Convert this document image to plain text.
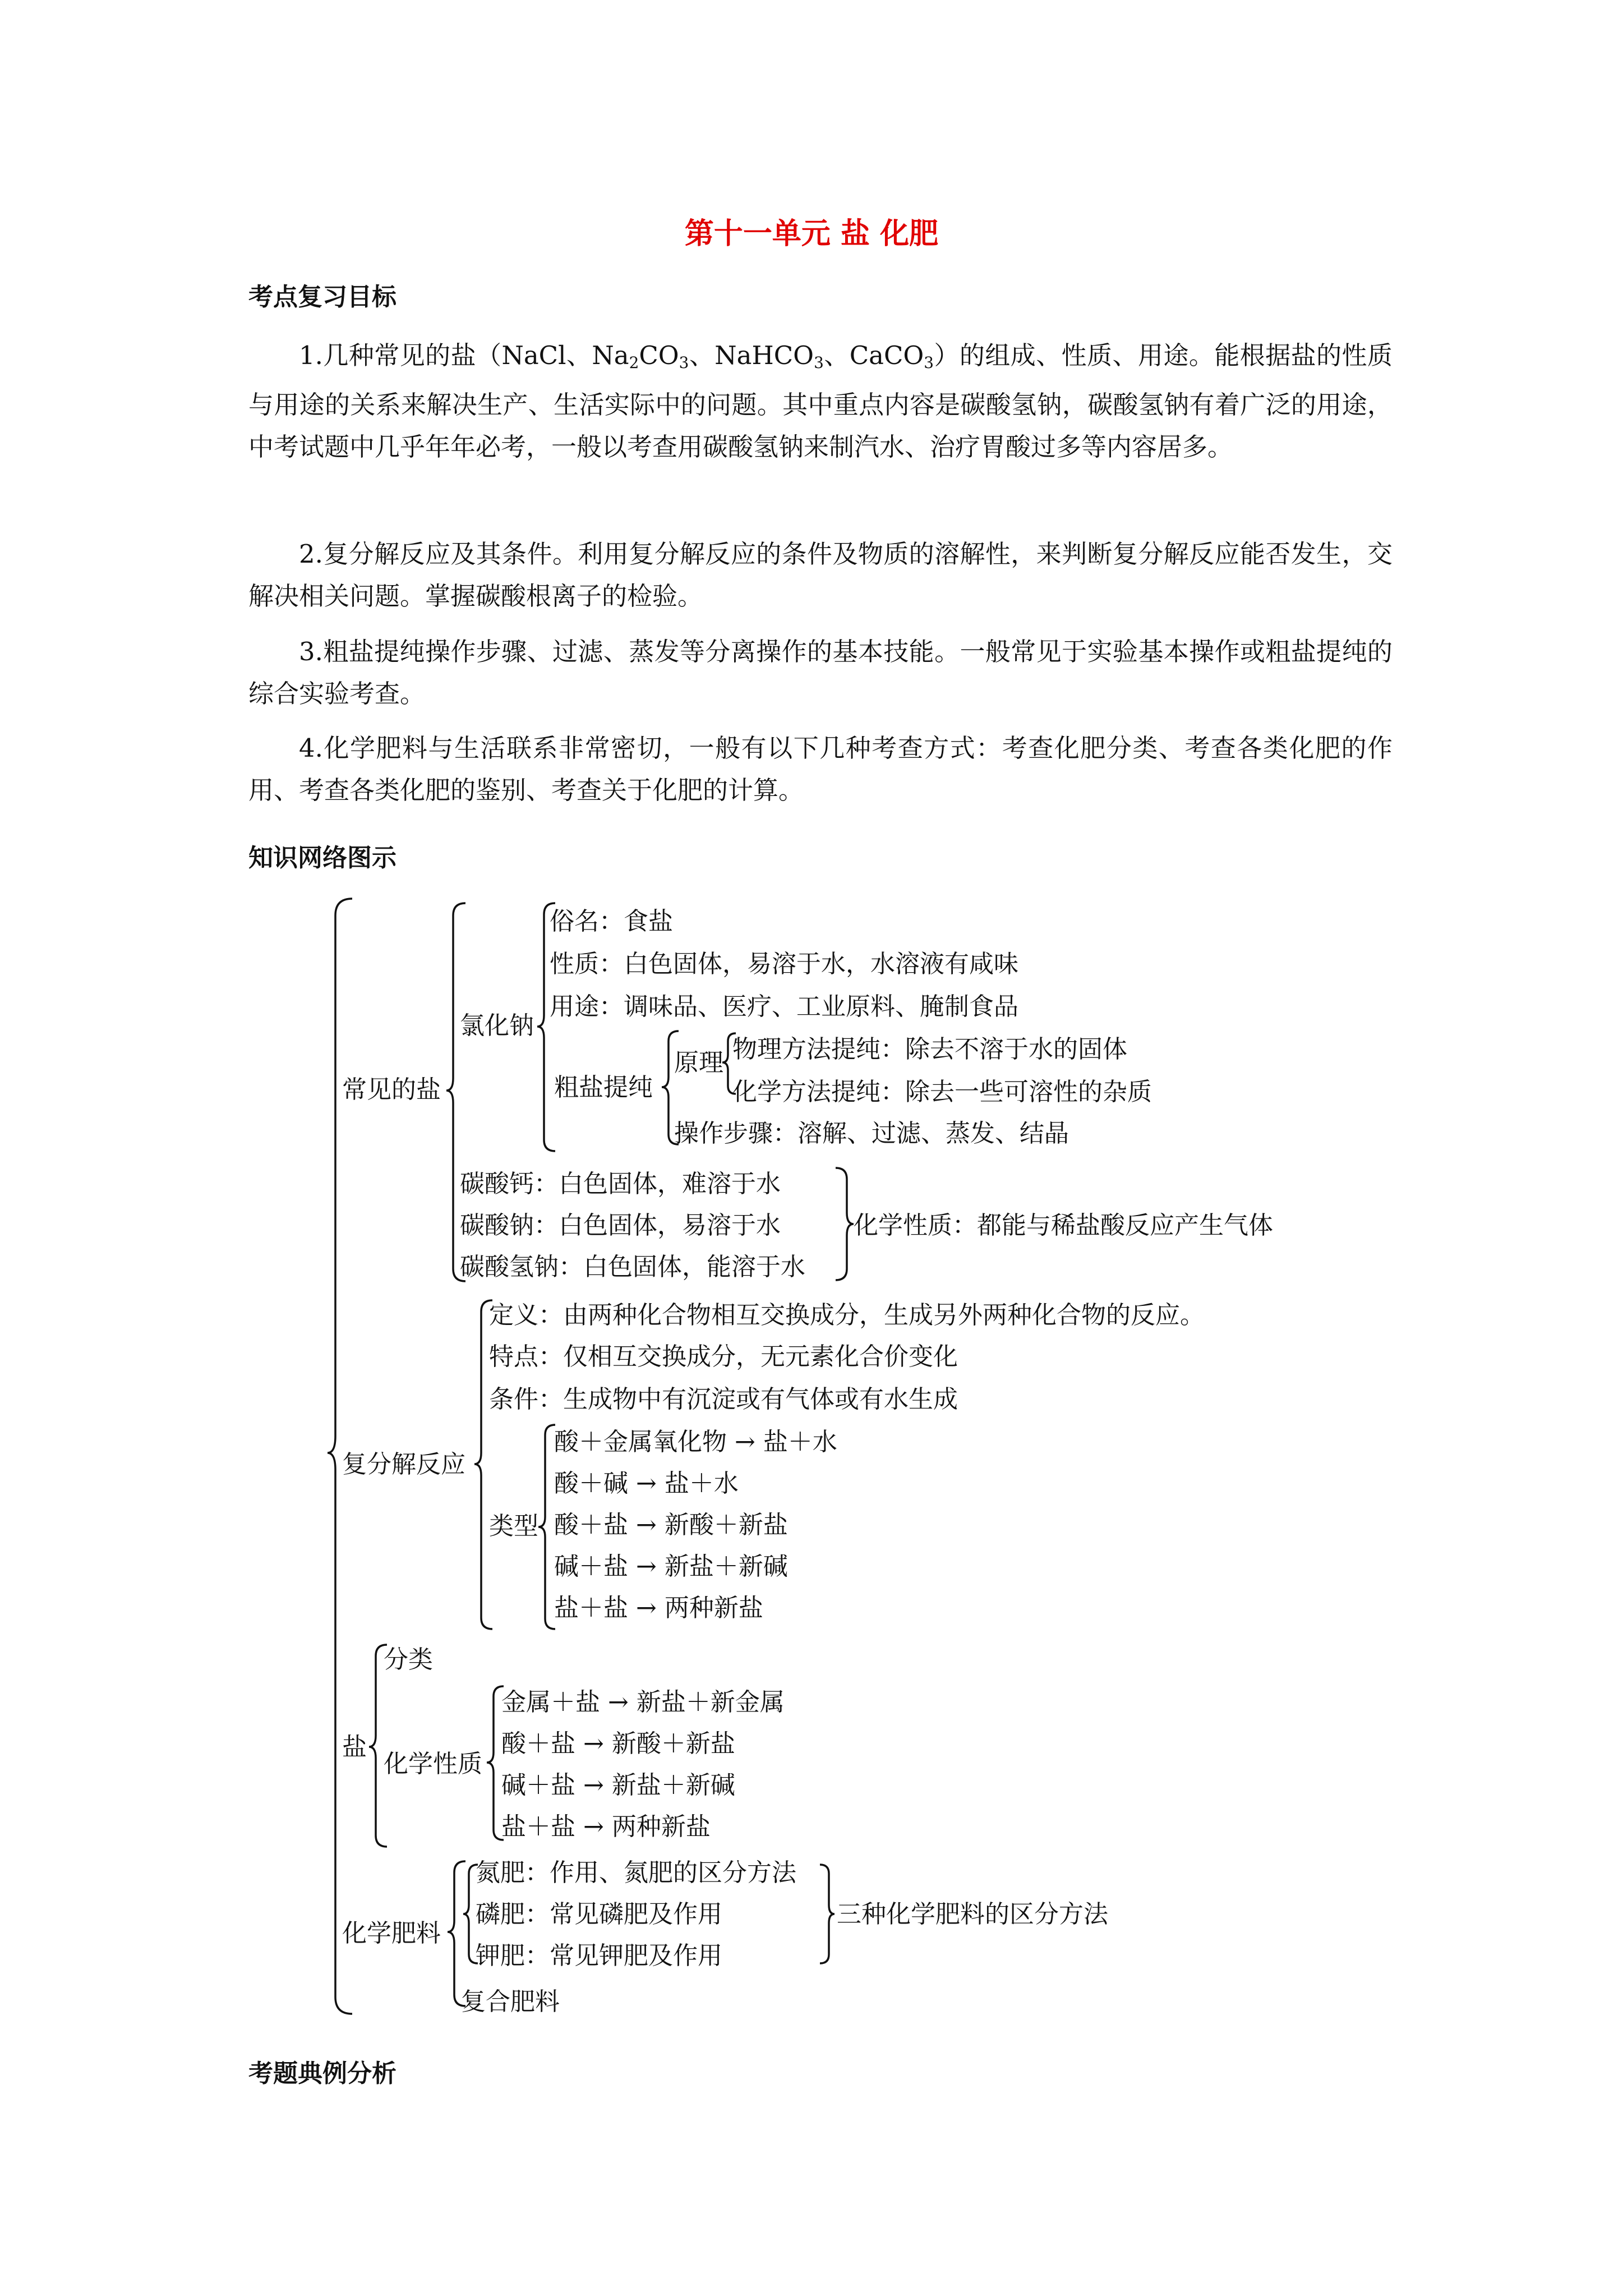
第十一单元 盐 化肥
考点复习目标

1.几种常见的盐（NaCl、$Na_2CO_3$、NaHCO$_3$、CaCO$_3$）的组成、性质、用途。能根据盐的性质与用途的关系来解决生产、生活实际中的问题。其中重点内容是碳酸氢钠，碳酸氢钠有着广泛的用途，中考试题中几乎年年必考，一般以考查用碳酸氢钠来制汽水、治疗胃酸过多等内容居多。

2.复分解反应及其条件。利用复分解反应的条件及物质的溶解性，来判断复分解反应能否发生，交解决相关问题。掌握碳酸根离子的检验。

3.粗盐提纯操作步骤、过滤、蒸发等分离操作的基本技能。一般常见于实验基本操作或粗盐提纯的综合实验考查。

4.化学肥料与生活联系非常密切，一般有以下几种考查方式：考查化肥分类、考查各类化肥的作用、考查各类化肥的鉴别、考查关于化肥的计算。

知识网络图示
常见的盐
氯化钠
俗名：食盐
性质：白色固体，易溶于水，水溶液有咸味
用途：调味品、医疗、工业原料、腌制食品
粗盐提纯
原理 物理方法提纯：除去不溶于水的固体
化学方法提纯：除去一些可溶性的杂质
操作步骤：溶解、过滤、蒸发、结晶
碳酸钙：白色固体，难溶于水
碳酸钠：白色固体，易溶于水
碳酸氢钠：白色固体，能溶于水
化学性质：都能与稀盐酸反应产生气体
复分解反应
定义：由两种化合物相互交换成分，生成另外两种化合物的反应。
特点：仅相互交换成分，无元素化合价变化
条件：生成物中有沉淀或有气体或有水生成
类型
酸＋金属氧化物 → 盐＋水
酸＋碱 → 盐＋水
酸＋盐 → 新酸＋新盐
碱＋盐 → 新盐＋新碱
盐＋盐 → 两种新盐
盐
分类
化学性质
金属＋盐 → 新盐＋新金属
酸＋盐 → 新酸＋新盐
碱＋盐 → 新盐＋新碱
盐＋盐 → 两种新盐
化学肥料
氮肥：作用、氮肥的区分方法
磷肥：常见磷肥及作用
钾肥：常见钾肥及作用
三种化学肥料的区分方法
复合肥料
考题典例分析
